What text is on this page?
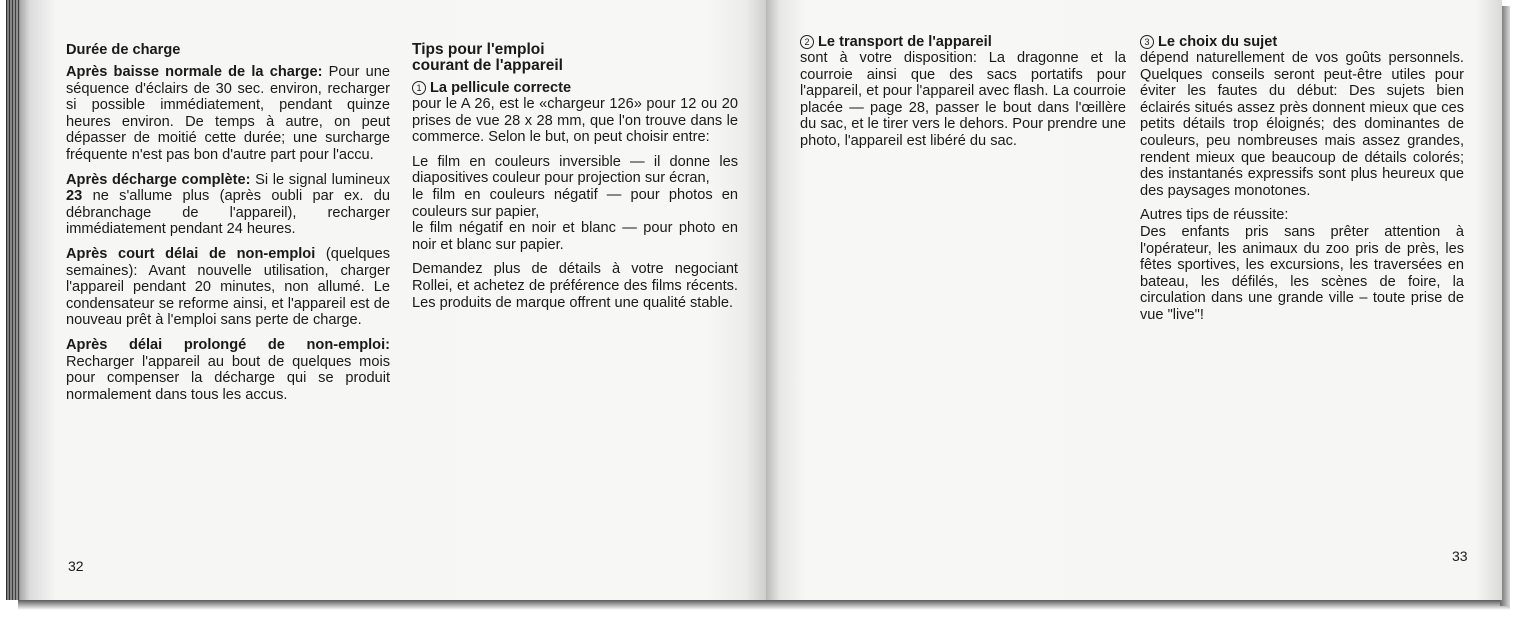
Durée de charge

Après baisse normale de la charge: Pour une séquence d'éclairs de 30 sec. environ, recharger si possible immédiatement, pendant quinze heures environ. De temps à autre, on peut dépasser de moitié cette durée; une surcharge fréquente n'est pas bon d'autre part pour l'accu.

Après décharge complète: Si le signal lumineux 23 ne s'allume plus (après oubli par ex. du débranchage de l'appareil), recharger immédiatement pendant 24 heures.

Après court délai de non-emploi (quelques semaines): Avant nouvelle utilisation, charger l'appareil pendant 20 minutes, non allumé. Le condensateur se reforme ainsi, et l'appareil est de nouveau prêt à l'emploi sans perte de charge.

Après délai prolongé de non-emploi: Recharger l'appareil au bout de quelques mois pour compenser la décharge qui se produit normalement dans tous les accus.

Tips pour l'emploi
courant de l'appareil
1 La pellicule correcte

pour le A 26, est le «chargeur 126» pour 12 ou 20 prises de vue 28 x 28 mm, que l'on trouve dans le commerce. Selon le but, on peut choisir entre:

Le film en couleurs inversible — il donne les diapositives couleur pour projection sur écran,
le film en couleurs négatif — pour photos en couleurs sur papier,
le film négatif en noir et blanc — pour photo en noir et blanc sur papier.

Demandez plus de détails à votre negociant Rollei, et achetez de préférence des films récents. Les produits de marque offrent une qualité stable.

32
2 Le transport de l'appareil

sont à votre disposition: La dragonne et la courroie ainsi que des sacs portatifs pour l'appareil, et pour l'appareil avec flash. La courroie placée — page 28, passer le bout dans l'œillère du sac, et le tirer vers le dehors. Pour prendre une photo, l'appareil est libéré du sac.

3 Le choix du sujet

dépend naturellement de vos goûts personnels. Quelques conseils seront peut-être utiles pour éviter les fautes du début: Des sujets bien éclairés situés assez près donnent mieux que ces petits détails trop éloignés; des dominantes de couleurs, peu nombreuses mais assez grandes, rendent mieux que beaucoup de détails colorés; des instantanés expressifs sont plus heureux que des paysages monotones.

Autres tips de réussite:
Des enfants pris sans prêter attention à l'opérateur, les animaux du zoo pris de près, les fêtes sportives, les excursions, les traversées en bateau, les défilés, les scènes de foire, la circulation dans une grande ville – toute prise de vue "live"!

33
